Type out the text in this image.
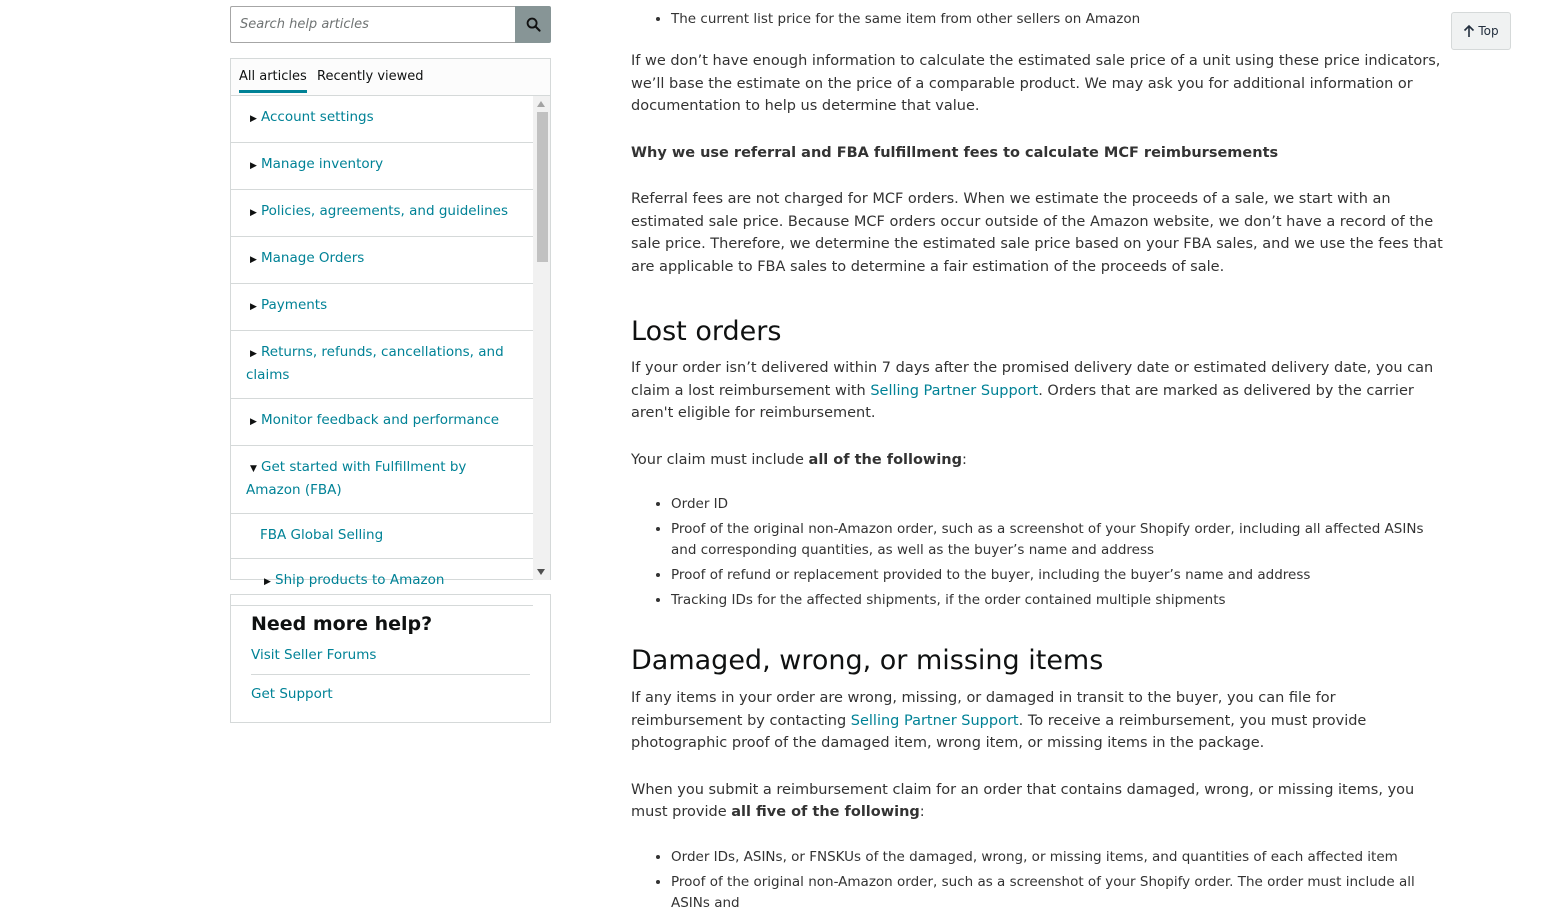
Search help articles
All articles Recently viewed
▶ Account settings
▶ Manage inventory
▶ Policies, agreements, and guidelines
▶ Manage Orders
▶ Payments
▶ Returns, refunds, cancellations, and claims
▶ Monitor feedback and performance
▼ Get started with Fulfillment by Amazon (FBA)
FBA Global Selling
▶ Ship products to Amazon
Need more help?
Visit Seller Forums
Get Support
• The current list price for the same item from other sellers on Amazon

If we don’t have enough information to calculate the estimated sale price of a unit using these price indicators, we’ll base the estimate on the price of a comparable product. We may ask you for additional information or documentation to help us determine that value.

Why we use referral and FBA fulfillment fees to calculate MCF reimbursements

Referral fees are not charged for MCF orders. When we estimate the proceeds of a sale, we start with an estimated sale price. Because MCF orders occur outside of the Amazon website, we don’t have a record of the sale price. Therefore, we determine the estimated sale price based on your FBA sales, and we use the fees that are applicable to FBA sales to determine a fair estimation of the proceeds of sale.

Lost orders

If your order isn’t delivered within 7 days after the promised delivery date or estimated delivery date, you can claim a lost reimbursement with Selling Partner Support. Orders that are marked as delivered by the carrier aren't eligible for reimbursement.

Your claim must include all of the following:

• Order ID
• Proof of the original non-Amazon order, such as a screenshot of your Shopify order, including all affected ASINs and corresponding quantities, as well as the buyer’s name and address
• Proof of refund or replacement provided to the buyer, including the buyer’s name and address
• Tracking IDs for the affected shipments, if the order contained multiple shipments
Damaged, wrong, or missing items

If any items in your order are wrong, missing, or damaged in transit to the buyer, you can file for reimbursement by contacting Selling Partner Support. To receive a reimbursement, you must provide photographic proof of the damaged item, wrong item, or missing items in the package.

When you submit a reimbursement claim for an order that contains damaged, wrong, or missing items, you must provide all five of the following:

• Order IDs, ASINs, or FNSKUs of the damaged, wrong, or missing items, and quantities of each affected item
• Proof of the original non-Amazon order, such as a screenshot of your Shopify order. The order must include all ASINs and
Top
